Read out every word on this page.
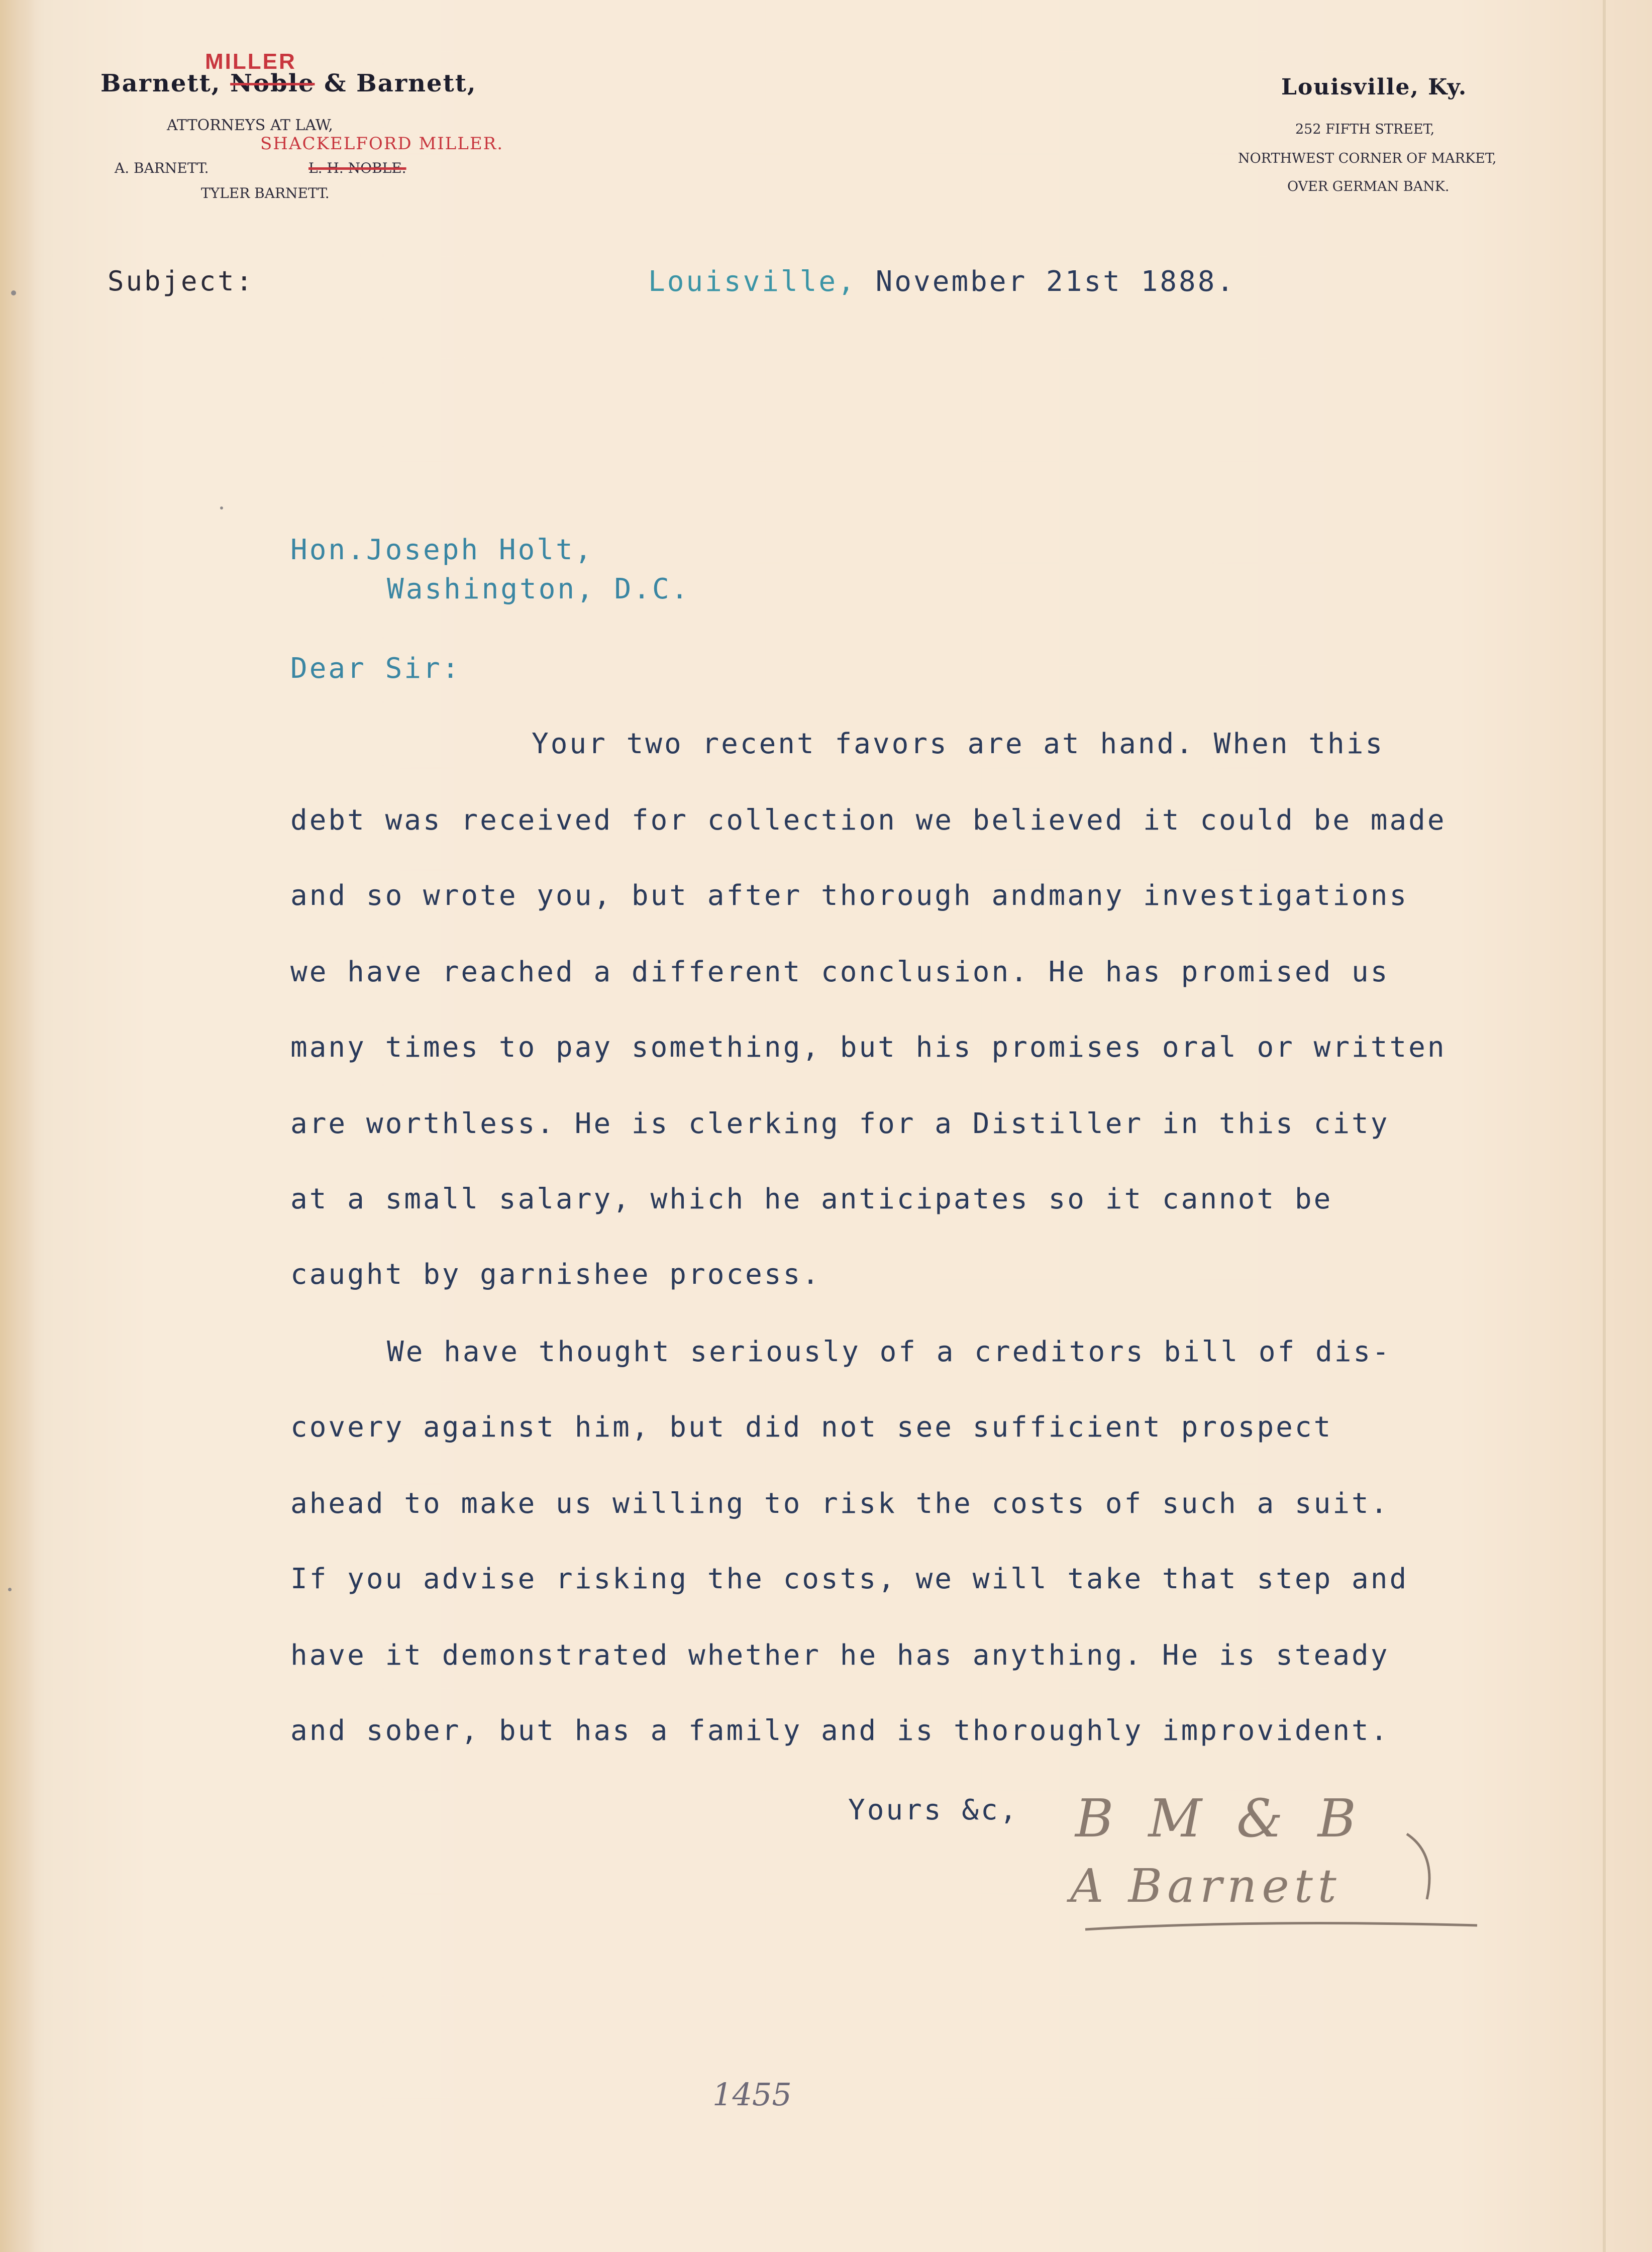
MILLER
Barnett, Noble & Barnett,
ATTORNEYS AT LAW,
SHACKELFORD MILLER.
A. BARNETT.	L. H. NOBLE.
TYLER BARNETT.
Louisville, Ky.
252 FIFTH STREET,
NORTHWEST CORNER OF MARKET,
OVER GERMAN BANK.
Subject:	Louisville, November 21st 1888.
Hon.Joseph Holt,
Washington, D.C.
Dear Sir:
Your two recent favors are at hand. When this
debt was received for collection we believed it could be made
and so wrote you, but after thorough andmany investigations
we have reached a different conclusion. He has promised us
many times to pay something, but his promises oral or written
are worthless. He is clerking for a Distiller in this city
at a small salary, which he anticipates so it cannot be
caught by garnishee process.
We have thought seriously of a creditors bill of dis-
covery against him, but did not see sufficient prospect
ahead to make us willing to risk the costs of such a suit.
If you advise risking the costs, we will take that step and
have it demonstrated whether he has anything. He is steady
and sober, but has a family and is thoroughly improvident.
Yours &c, B M & B
A Barnett
1455
